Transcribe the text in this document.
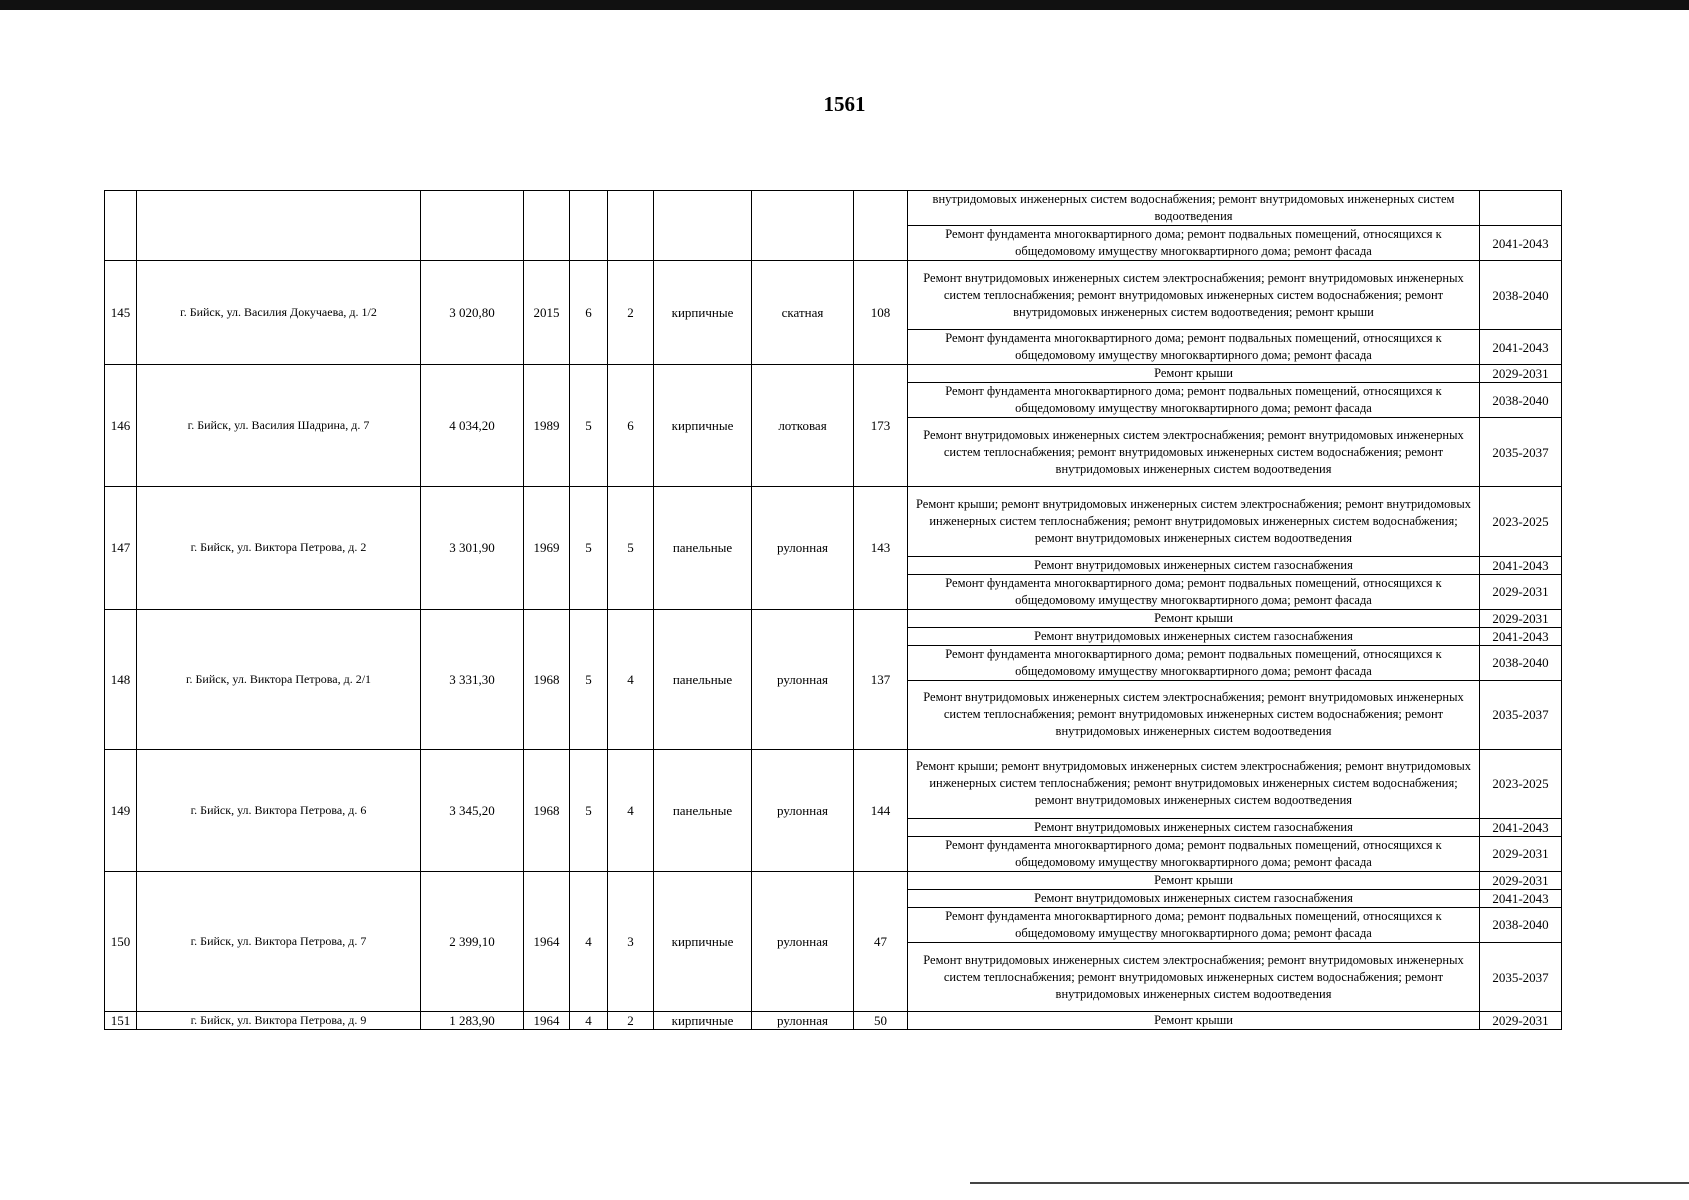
1561
									внутридомовых инженерных систем водоснабжения; ремонт внутридомовых инженерных систем водоотведения	
									Ремонт фундамента многоквартирного дома; ремонт подвальных помещений, относящихся к общедомовому имуществу многоквартирного дома; ремонт фасада	2041-2043
145	г. Бийск, ул. Василия Докучаева, д. 1/2	3 020,80	2015	6	2	кирпичные	скатная	108	Ремонт внутридомовых инженерных систем электроснабжения; ремонт внутридомовых инженерных систем теплоснабжения; ремонт внутридомовых инженерных систем водоснабжения; ремонт внутридомовых инженерных систем водоотведения; ремонт крыши	2038-2040
									Ремонт фундамента многоквартирного дома; ремонт подвальных помещений, относящихся к общедомовому имуществу многоквартирного дома; ремонт фасада	2041-2043
146	г. Бийск, ул. Василия Шадрина, д. 7	4 034,20	1989	5	6	кирпичные	лотковая	173	Ремонт крыши	2029-2031
									Ремонт фундамента многоквартирного дома; ремонт подвальных помещений, относящихся к общедомовому имуществу многоквартирного дома; ремонт фасада	2038-2040
									Ремонт внутридомовых инженерных систем электроснабжения; ремонт внутридомовых инженерных систем теплоснабжения; ремонт внутридомовых инженерных систем водоснабжения; ремонт внутридомовых инженерных систем водоотведения	2035-2037
147	г. Бийск, ул. Виктора Петрова, д. 2	3 301,90	1969	5	5	панельные	рулонная	143	Ремонт крыши; ремонт внутридомовых инженерных систем электроснабжения; ремонт внутридомовых инженерных систем теплоснабжения; ремонт внутридомовых инженерных систем водоснабжения; ремонт внутридомовых инженерных систем водоотведения	2023-2025
									Ремонт внутридомовых инженерных систем газоснабжения	2041-2043
									Ремонт фундамента многоквартирного дома; ремонт подвальных помещений, относящихся к общедомовому имуществу многоквартирного дома; ремонт фасада	2029-2031
148	г. Бийск, ул. Виктора Петрова, д. 2/1	3 331,30	1968	5	4	панельные	рулонная	137	Ремонт крыши	2029-2031
									Ремонт внутридомовых инженерных систем газоснабжения	2041-2043
									Ремонт фундамента многоквартирного дома; ремонт подвальных помещений, относящихся к общедомовому имуществу многоквартирного дома; ремонт фасада	2038-2040
									Ремонт внутридомовых инженерных систем электроснабжения; ремонт внутридомовых инженерных систем теплоснабжения; ремонт внутридомовых инженерных систем водоснабжения; ремонт внутридомовых инженерных систем водоотведения	2035-2037
149	г. Бийск, ул. Виктора Петрова, д. 6	3 345,20	1968	5	4	панельные	рулонная	144	Ремонт крыши; ремонт внутридомовых инженерных систем электроснабжения; ремонт внутридомовых инженерных систем теплоснабжения; ремонт внутридомовых инженерных систем водоснабжения; ремонт внутридомовых инженерных систем водоотведения	2023-2025
									Ремонт внутридомовых инженерных систем газоснабжения	2041-2043
									Ремонт фундамента многоквартирного дома; ремонт подвальных помещений, относящихся к общедомовому имуществу многоквартирного дома; ремонт фасада	2029-2031
150	г. Бийск, ул. Виктора Петрова, д. 7	2 399,10	1964	4	3	кирпичные	рулонная	47	Ремонт крыши	2029-2031
									Ремонт внутридомовых инженерных систем газоснабжения	2041-2043
									Ремонт фундамента многоквартирного дома; ремонт подвальных помещений, относящихся к общедомовому имуществу многоквартирного дома; ремонт фасада	2038-2040
									Ремонт внутридомовых инженерных систем электроснабжения; ремонт внутридомовых инженерных систем теплоснабжения; ремонт внутридомовых инженерных систем водоснабжения; ремонт внутридомовых инженерных систем водоотведения	2035-2037
151	г. Бийск, ул. Виктора Петрова, д. 9	1 283,90	1964	4	2	кирпичные	рулонная	50	Ремонт крыши	2029-2031
